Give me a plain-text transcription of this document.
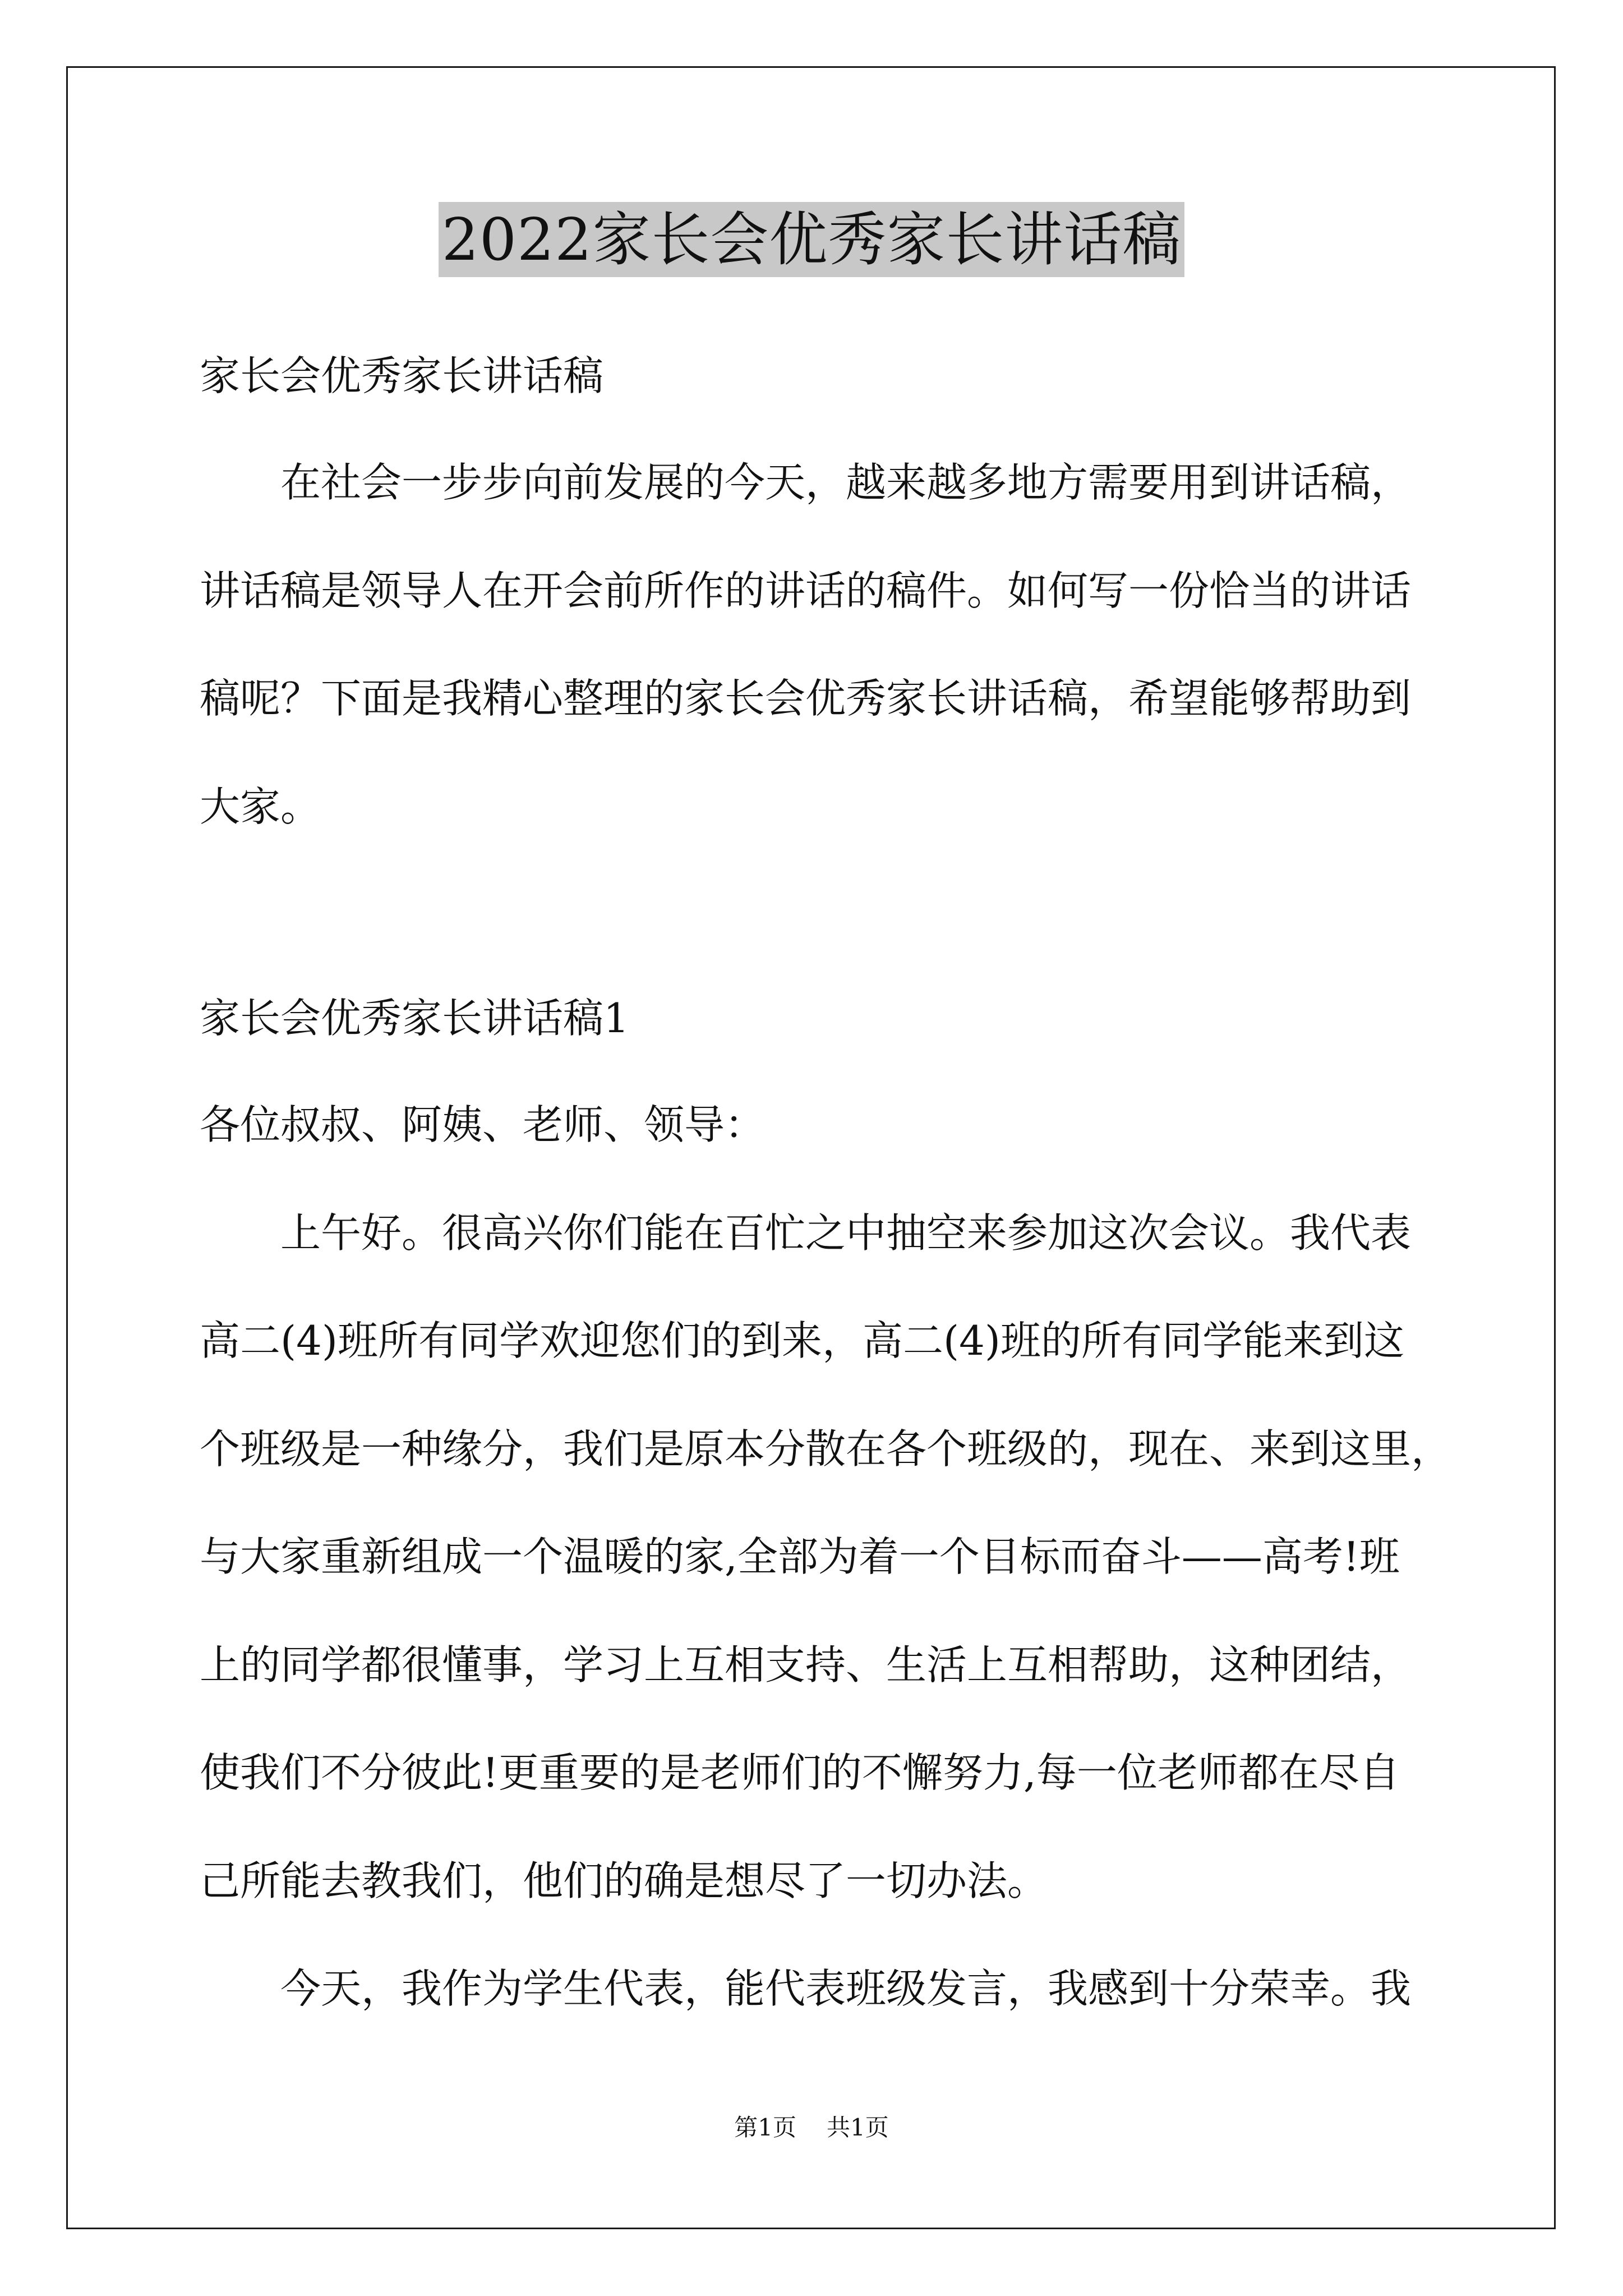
2022家长会优秀家长讲话稿
家长会优秀家长讲话稿
在社会一步步向前发展的今天，越来越多地方需要用到讲话稿，
讲话稿是领导人在开会前所作的讲话的稿件。如何写一份恰当的讲话
稿呢？下面是我精心整理的家长会优秀家长讲话稿，希望能够帮助到
大家。
家长会优秀家长讲话稿1
各位叔叔、阿姨、老师、领导：
上午好。很高兴你们能在百忙之中抽空来参加这次会议。我代表
高二(4)班所有同学欢迎您们的到来，高二(4)班的所有同学能来到这
个班级是一种缘分，我们是原本分散在各个班级的，现在、来到这里，
与大家重新组成一个温暖的家,全部为着一个目标而奋斗——高考!班
上的同学都很懂事，学习上互相支持、生活上互相帮助，这种团结，
使我们不分彼此!更重要的是老师们的不懈努力,每一位老师都在尽自
己所能去教我们，他们的确是想尽了一切办法。
今天，我作为学生代表，能代表班级发言，我感到十分荣幸。我
第1页 共1页
